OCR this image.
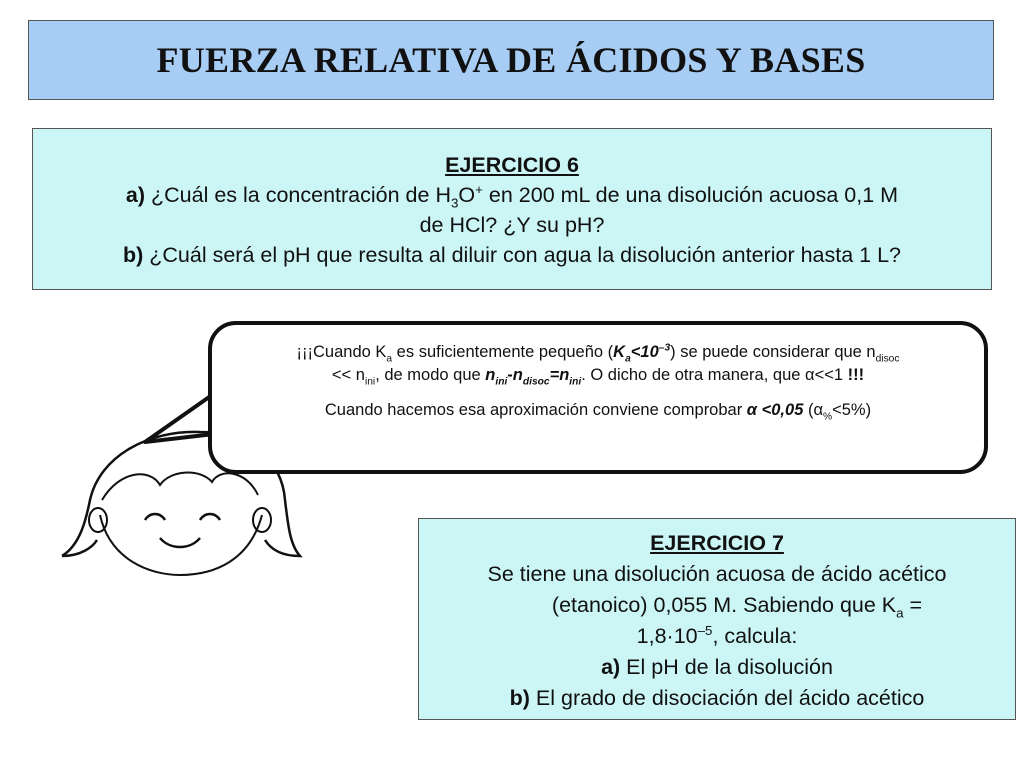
FUERZA RELATIVA DE ÁCIDOS Y BASES
EJERCICIO 6
a) ¿Cuál es la concentración de $H_3O^+$ en 200 mL de una disolución acuosa 0,1 M
de HCl? ¿Y su pH?
b) ¿Cuál será el pH que resulta al diluir con agua la disolución anterior hasta 1 L?
¡¡¡Cuando $K_a$ es suficientemente pequeño $(K_a<10^{-3})$ se puede considerar que $n_{disoc}$
<< $n_{ini}$, de modo que $n_{ini}-n_{disoc}=n_{ini}$. O dicho de otra manera, que α<<1 !!!
Cuando hacemos esa aproximación conviene comprobar α <0,05 $(\alpha_{\%}<5\%)$
EJERCICIO 7
Se tiene una disolución acuosa de ácido acético
(etanoico) 0,055 M. Sabiendo que $K_a$ =
$1,8\cdot 10^{-5}$, calcula:
a) El pH de la disolución
b) El grado de disociación del ácido acético
